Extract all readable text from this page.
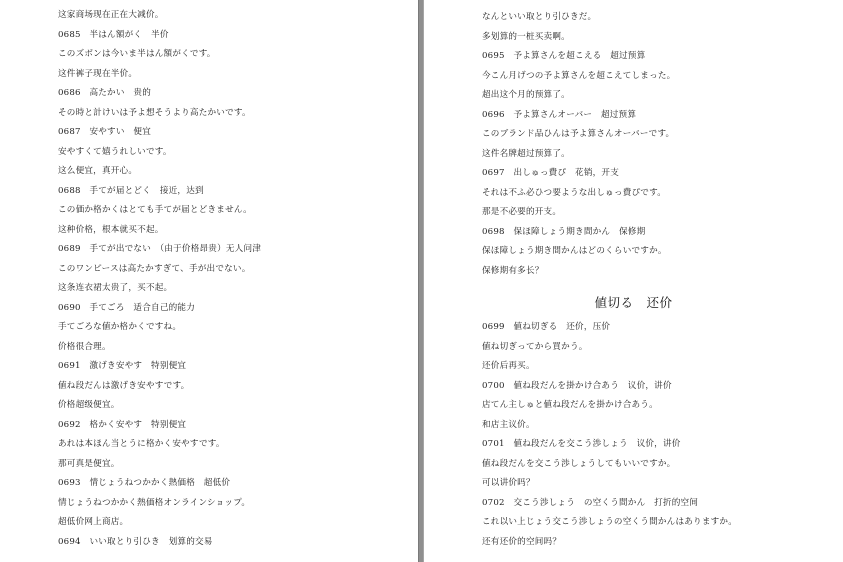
这家商场现在正在大减价。
0685　半はん額がく　半价
このズボンは今いま半はん額がくです。
这件裤子现在半价。
0686　高たかい　贵的
その時と計けいは予よ想そうより高たかいです。
0687　安やすい　便宜
安やすくて嬉うれしいです。
这么便宜，真开心。
0688　手てが届とどく　接近，达到
この価か格かくはとても手てが届とどきません。
这种价格，根本就买不起。
0689　手てが出でない　（由于价格昂贵）无人问津
このワンピースは高たかすぎて、手が出でない。
这条连衣裙太贵了，买不起。
0690　手てごろ　适合自己的能力
手てごろな値か格かくですね。
价格很合理。
0691　激げき安やす　特别便宜
値ね段だんは激げき安やすです。
价格超级便宜。
0692　格かく安やす　特别便宜
あれは本ほん当とうに格かく安やすです。
那可真是便宜。
0693　情じょうねつかかく熱価格　超低价
情じょうねつかかく熱価格オンラインショップ。
超低价网上商店。
0694　いい取とり引ひき　划算的交易
なんといい取とり引ひきだ。
多划算的一桩买卖啊。
0695　予よ算さんを超こえる　超过预算
今こん月げつの予よ算さんを超こえてしまった。
超出这个月的预算了。
0696　予よ算さんオーバー　超过预算
このブランド品ひんは予よ算さんオーバーです。
这件名牌超过预算了。
0697　出しゅっ費ぴ　花销，开支
それは不ふ必ひつ要ような出しゅっ費ぴです。
那是不必要的开支。
0698　保ほ障しょう期き間かん　保修期
保ほ障しょう期き間かんはどのくらいですか。
保修期有多长？
値切る　还价
0699　値ね切ぎる　还价，压价
値ね切ぎってから買かう。
还价后再买。
0700　値ね段だんを掛かけ合あう　议价，讲价
店てん主しゅと値ね段だんを掛かけ合あう。
和店主议价。
0701　値ね段だんを交こう渉しょう　议价，讲价
値ね段だんを交こう渉しょうしてもいいですか。
可以讲价吗？
0702　交こう渉しょう　の空くう間かん　打折的空间
これ以い上じょう交こう渉しょうの空くう間かんはありますか。
还有还价的空间吗？
